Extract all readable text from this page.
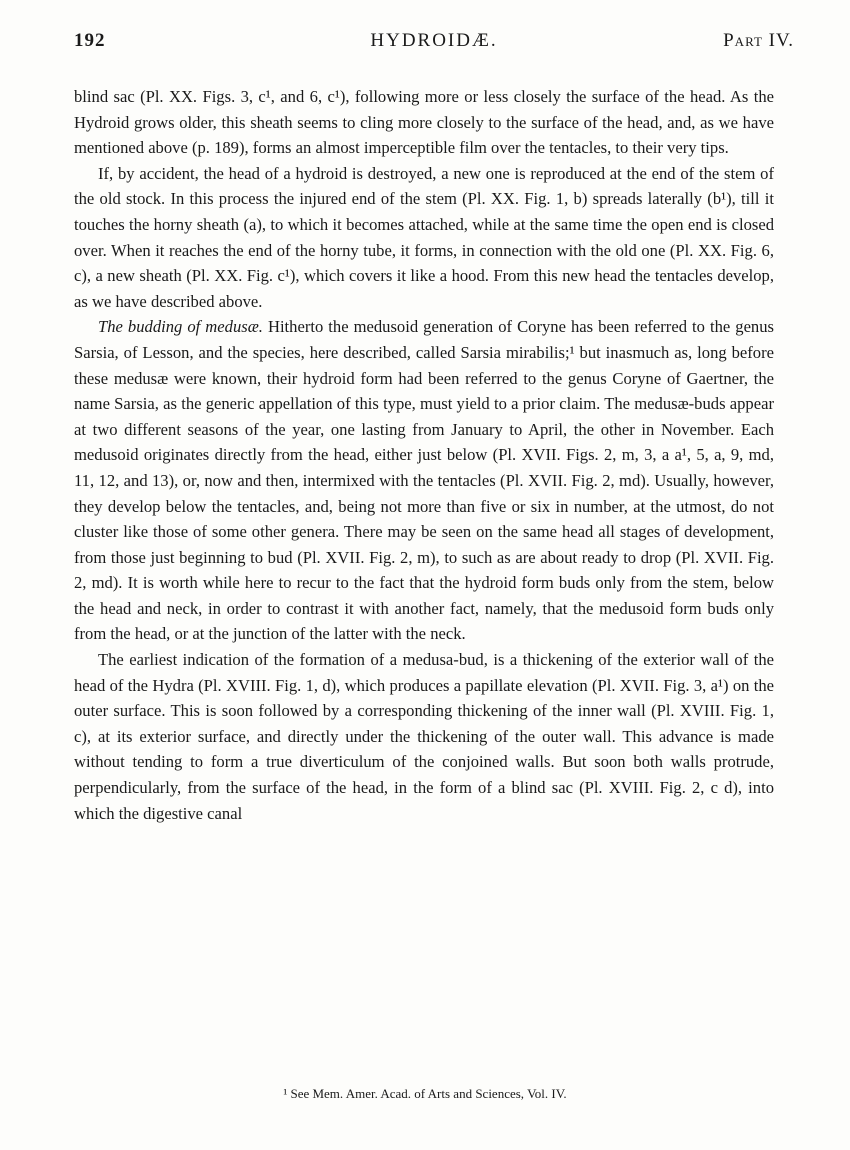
192	HYDROIDÆ.	Part IV.

blind sac (Pl. XX. Figs. 3, c¹, and 6, c¹), following more or less closely the surface of the head. As the Hydroid grows older, this sheath seems to cling more closely to the surface of the head, and, as we have mentioned above (p. 189), forms an almost imperceptible film over the tentacles, to their very tips.

If, by accident, the head of a hydroid is destroyed, a new one is reproduced at the end of the stem of the old stock. In this process the injured end of the stem (Pl. XX. Fig. 1, b) spreads laterally (b¹), till it touches the horny sheath (a), to which it becomes attached, while at the same time the open end is closed over. When it reaches the end of the horny tube, it forms, in connection with the old one (Pl. XX. Fig. 6, c), a new sheath (Pl. XX. Fig. c¹), which covers it like a hood. From this new head the tentacles develop, as we have described above.

The budding of medusæ. Hitherto the medusoid generation of Coryne has been referred to the genus Sarsia, of Lesson, and the species, here described, called Sarsia mirabilis;¹ but inasmuch as, long before these medusæ were known, their hydroid form had been referred to the genus Coryne of Gaertner, the name Sarsia, as the generic appellation of this type, must yield to a prior claim. The medusæ-buds appear at two different seasons of the year, one lasting from January to April, the other in November. Each medusoid originates directly from the head, either just below (Pl. XVII. Figs. 2, m, 3, a a¹, 5, a, 9, md, 11, 12, and 13), or, now and then, intermixed with the tentacles (Pl. XVII. Fig. 2, md). Usually, however, they develop below the tentacles, and, being not more than five or six in number, at the utmost, do not cluster like those of some other genera. There may be seen on the same head all stages of development, from those just beginning to bud (Pl. XVII. Fig. 2, m), to such as are about ready to drop (Pl. XVII. Fig. 2, md). It is worth while here to recur to the fact that the hydroid form buds only from the stem, below the head and neck, in order to contrast it with another fact, namely, that the medusoid form buds only from the head, or at the junction of the latter with the neck.

The earliest indication of the formation of a medusa-bud, is a thickening of the exterior wall of the head of the Hydra (Pl. XVIII. Fig. 1, d), which produces a papillate elevation (Pl. XVII. Fig. 3, a¹) on the outer surface. This is soon followed by a corresponding thickening of the inner wall (Pl. XVIII. Fig. 1, c), at its exterior surface, and directly under the thickening of the outer wall. This advance is made without tending to form a true diverticulum of the conjoined walls. But soon both walls protrude, perpendicularly, from the surface of the head, in the form of a blind sac (Pl. XVIII. Fig. 2, c d), into which the digestive canal

¹ See Mem. Amer. Acad. of Arts and Sciences, Vol. IV.
